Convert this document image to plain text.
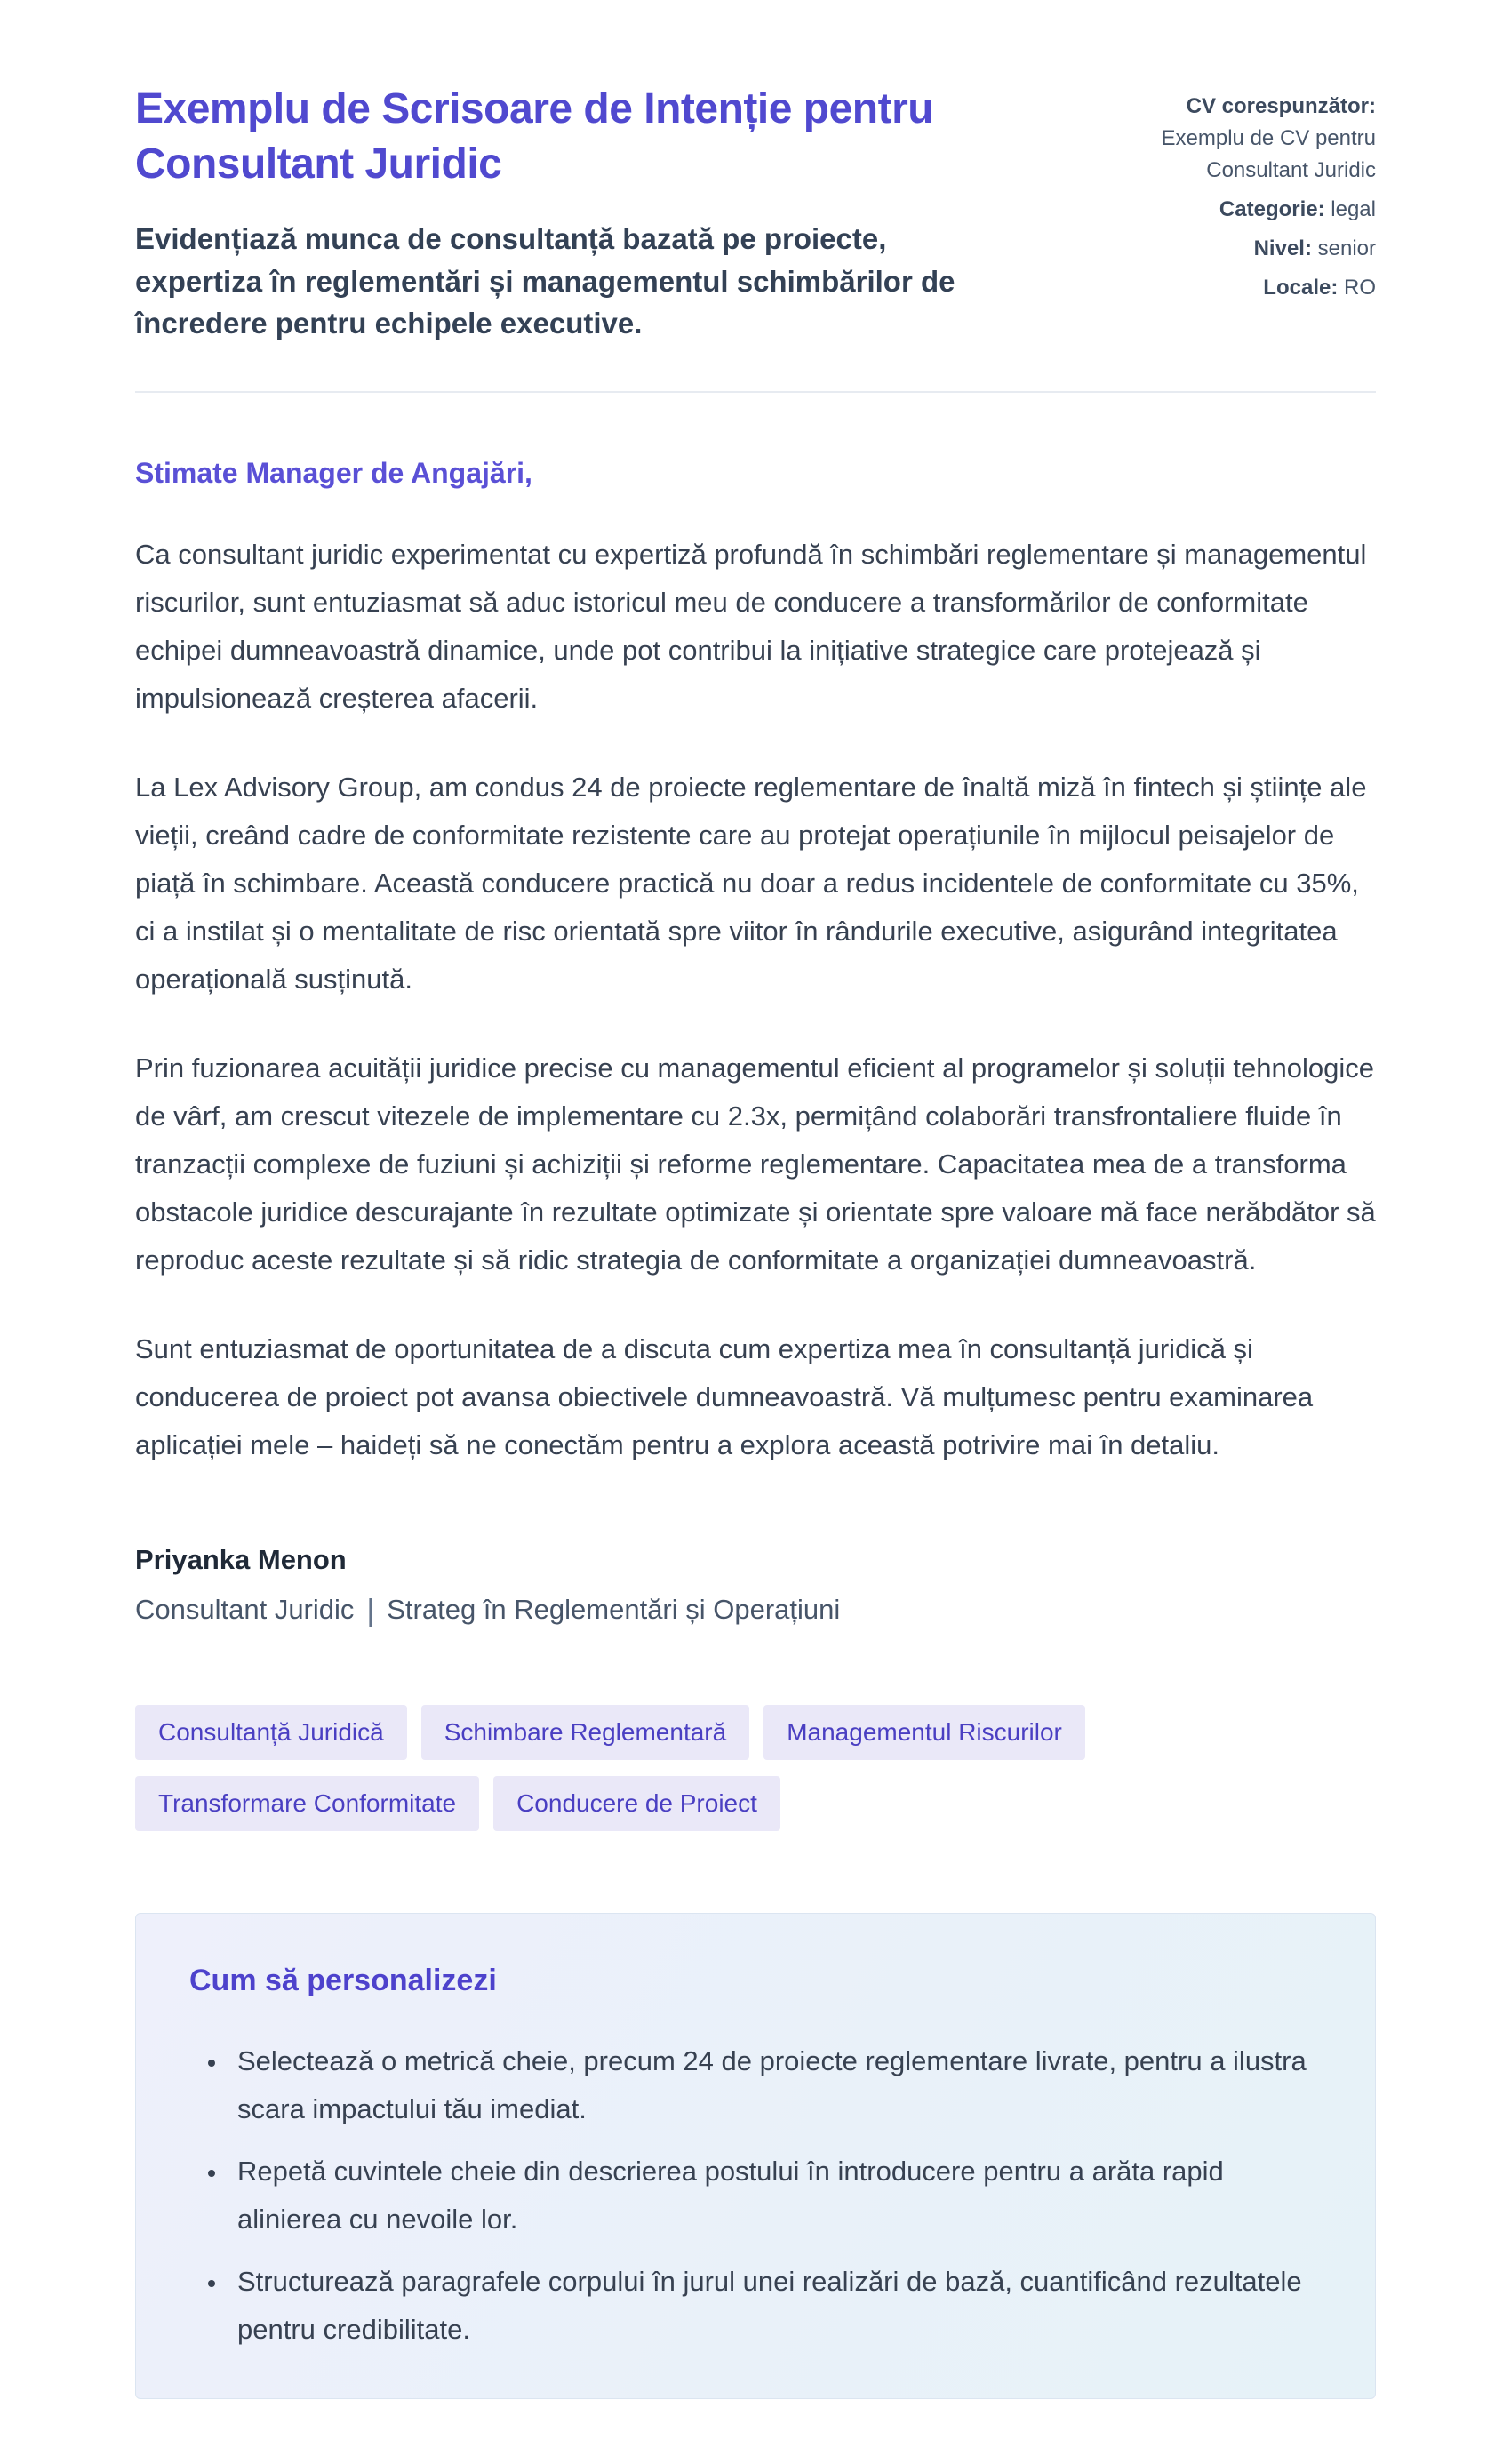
Exemplu de Scrisoare de Intenție pentru Consultant Juridic

Evidențiază munca de consultanță bazată pe proiecte, expertiza în reglementări și managementul schimbărilor de încredere pentru echipele executive.

CV corespunzător:
Exemplu de CV pentru Consultant Juridic
Categorie: legal
Nivel: senior
Locale: RO

Stimate Manager de Angajări,

Ca consultant juridic experimentat cu expertiză profundă în schimbări reglementare și managementul riscurilor, sunt entuziasmat să aduc istoricul meu de conducere a transformărilor de conformitate echipei dumneavoastră dinamice, unde pot contribui la inițiative strategice care protejează și impulsionează creșterea afacerii.

La Lex Advisory Group, am condus 24 de proiecte reglementare de înaltă miză în fintech și științe ale vieții, creând cadre de conformitate rezistente care au protejat operațiunile în mijlocul peisajelor de piață în schimbare. Această conducere practică nu doar a redus incidentele de conformitate cu 35%, ci a instilat și o mentalitate de risc orientată spre viitor în rândurile executive, asigurând integritatea operațională susținută.

Prin fuzionarea acuității juridice precise cu managementul eficient al programelor și soluții tehnologice de vârf, am crescut vitezele de implementare cu 2.3x, permițând colaborări transfrontaliere fluide în tranzacții complexe de fuziuni și achiziții și reforme reglementare. Capacitatea mea de a transforma obstacole juridice descurajante în rezultate optimizate și orientate spre valoare mă face nerăbdător să reproduc aceste rezultate și să ridic strategia de conformitate a organizației dumneavoastră.

Sunt entuziasmat de oportunitatea de a discuta cum expertiza mea în consultanță juridică și conducerea de proiect pot avansa obiectivele dumneavoastră. Vă mulțumesc pentru examinarea aplicației mele – haideți să ne conectăm pentru a explora această potrivire mai în detaliu.

Priyanka Menon
Consultant Juridic | Strateg în Reglementări și Operațiuni
Consultanță Juridică	Schimbare Reglementară	Managementul Riscurilor
Transformare Conformitate	Conducere de Proiect
Cum să personalizezi
• Selectează o metrică cheie, precum 24 de proiecte reglementare livrate, pentru a ilustra scara impactului tău imediat.
• Repetă cuvintele cheie din descrierea postului în introducere pentru a arăta rapid alinierea cu nevoile lor.
• Structurează paragrafele corpului în jurul unei realizări de bază, cuantificând rezultatele pentru credibilitate.
